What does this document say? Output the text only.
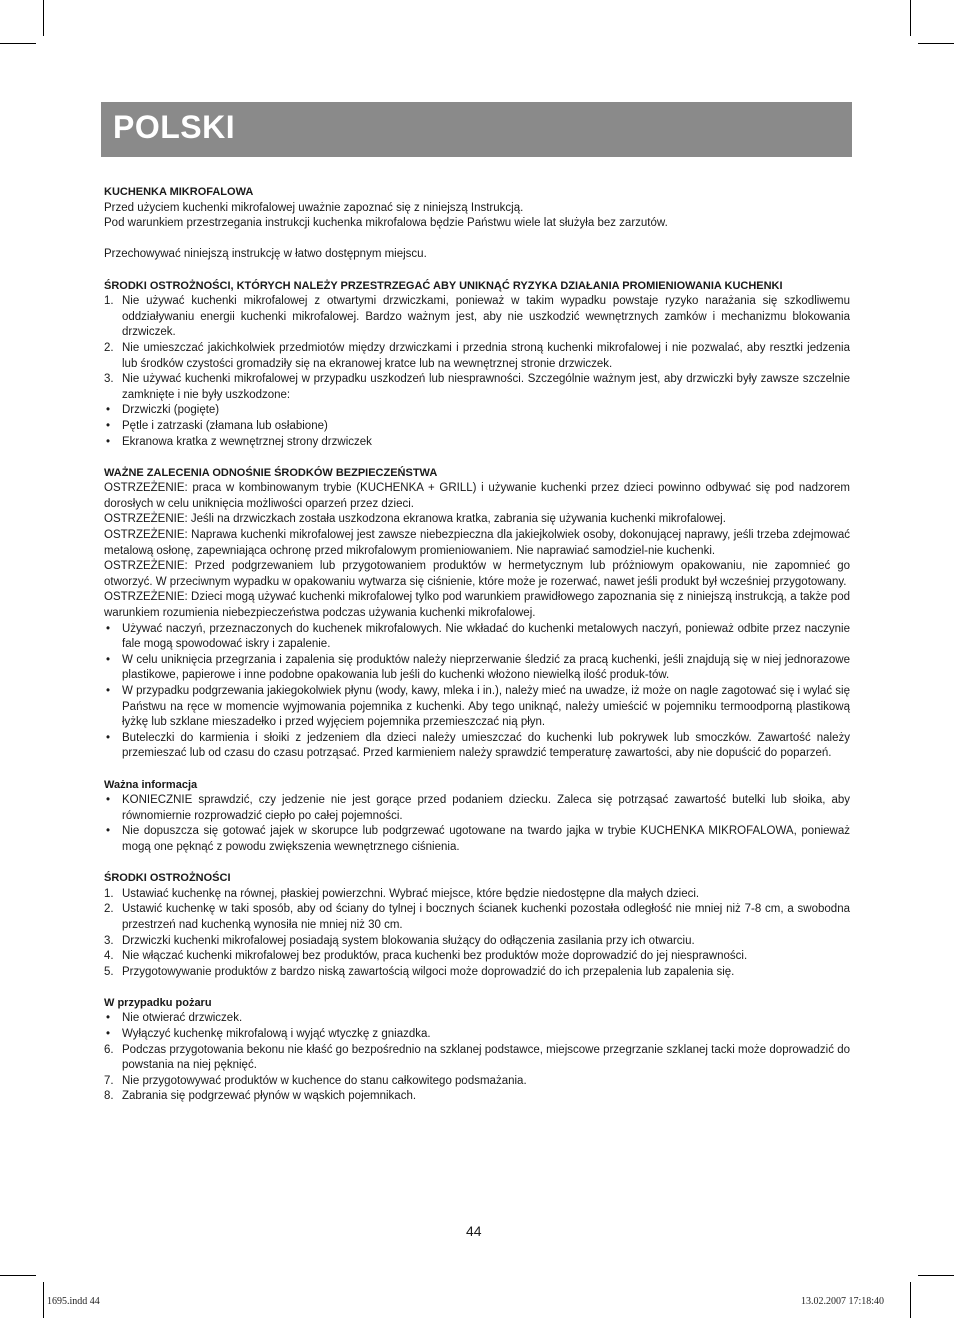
POLSKI

KUCHENKA MIKROFALOWA

Przed użyciem kuchenki mikrofalowej uważnie zapoznać się z niniejszą Instrukcją.

Pod warunkiem przestrzegania instrukcji kuchenka mikrofalowa będzie Państwu wiele lat służyła bez zarzutów.

Przechowywać niniejszą instrukcję w łatwo dostępnym miejscu.

ŚRODKI OSTROŻNOŚCI, KTÓRYCH NALEŻY PRZESTRZEGAĆ ABY UNIKNĄĆ RYZYKA DZIAŁANIA PROMIENIOWANIA KUCHENKI

1. Nie używać kuchenki mikrofalowej z otwartymi drzwiczkami, ponieważ w takim wypadku powstaje ryzyko narażania się szkodliwemu oddziaływaniu energii kuchenki mikrofalowej. Bardzo ważnym jest, aby nie uszkodzić wewnętrznych zamków i mechanizmu blokowania drzwiczek.
2. Nie umieszczać jakichkolwiek przedmiotów między drzwiczkami i przednia stroną kuchenki mikrofalowej i nie pozwalać, aby resztki jedzenia lub środków czystości gromadziły się na ekranowej kratce lub na wewnętrznej stronie drzwiczek.
3. Nie używać kuchenki mikrofalowej w przypadku uszkodzeń lub niesprawności. Szczególnie ważnym jest, aby drzwiczki były zawsze szczelnie zamknięte i nie były uszkodzone:
• Drzwiczki (pogięte)
• Pętle i zatrzaski (złamana lub osłabione)
• Ekranowa kratka z wewnętrznej strony drzwiczek

WAŻNE ZALECENIA ODNOŚNIE ŚRODKÓW BEZPIECZEŃSTWA

OSTRZEŻENIE: praca w kombinowanym trybie (KUCHENKA + GRILL) i używanie kuchenki przez dzieci powinno odbywać się pod nadzorem dorosłych w celu uniknięcia możliwości oparzeń przez dzieci.

OSTRZEŻENIE: Jeśli na drzwiczkach została uszkodzona ekranowa kratka, zabrania się używania kuchenki mikrofalowej.

OSTRZEŻENIE: Naprawa kuchenki mikrofalowej jest zawsze niebezpieczna dla jakiejkolwiek osoby, dokonującej naprawy, jeśli trzeba zdejmować metalową osłonę, zapewniająca ochronę przed mikrofalowym promieniowaniem. Nie naprawiać samodziel-nie kuchenki.

OSTRZEŻENIE: Przed podgrzewaniem lub przygotowaniem produktów w hermetycznym lub próżniowym opakowaniu, nie zapomnieć go otworzyć. W przeciwnym wypadku w opakowaniu wytwarza się ciśnienie, które może je rozerwać, nawet jeśli produkt był wcześniej przygotowany.

OSTRZEŻENIE: Dzieci mogą używać kuchenki mikrofalowej tylko pod warunkiem prawidłowego zapoznania się z niniejszą instrukcją, a także pod warunkiem rozumienia niebezpieczeństwa podczas używania kuchenki mikrofalowej.

• Używać naczyń, przeznaczonych do kuchenek mikrofalowych. Nie wkładać do kuchenki metalowych naczyń, ponieważ odbite przez naczynie fale mogą spowodować iskry i zapalenie.
• W celu uniknięcia przegrzania i zapalenia się produktów należy nieprzerwanie śledzić za pracą kuchenki, jeśli znajdują się w niej jednorazowe plastikowe, papierowe i inne podobne opakowania lub jeśli do kuchenki włożono niewielką ilość produk-tów.
• W przypadku podgrzewania jakiegokolwiek płynu (wody, kawy, mleka i in.), należy mieć na uwadze, iż może on nagle zagotować się i wylać się Państwu na ręce w momencie wyjmowania pojemnika z kuchenki. Aby tego uniknąć, należy umieścić w pojemniku termoodporną plastikową łyżkę lub szklane mieszadełko i przed wyjęciem pojemnika przemieszczać nią płyn.
• Buteleczki do karmienia i słoiki z jedzeniem dla dzieci należy umieszczać do kuchenki lub pokrywek lub smoczków. Zawartość należy przemieszać lub od czasu do czasu potrząsać. Przed karmieniem należy sprawdzić temperaturę zawartości, aby nie dopuścić do poparzeń.

Ważna informacja

• KONIECZNIE sprawdzić, czy jedzenie nie jest gorące przed podaniem dziecku. Zaleca się potrząsać zawartość butelki lub słoika, aby równomiernie rozprowadzić ciepło po całej pojemności.
• Nie dopuszcza się gotować jajek w skorupce lub podgrzewać ugotowane na twardo jajka w trybie KUCHENKA MIKROFALOWA, ponieważ mogą one pęknąć z powodu zwiększenia wewnętrznego ciśnienia.

ŚRODKI OSTROŻNOŚCI

1. Ustawiać kuchenkę na równej, płaskiej powierzchni. Wybrać miejsce, które będzie niedostępne dla małych dzieci.
2. Ustawić kuchenkę w taki sposób, aby od ściany do tylnej i bocznych ścianek kuchenki pozostała odległość nie mniej niż 7-8 cm, a swobodna przestrzeń nad kuchenką wynosiła nie mniej niż 30 cm.
3. Drzwiczki kuchenki mikrofalowej posiadają system blokowania służący do odłączenia zasilania przy ich otwarciu.
4. Nie włączać kuchenki mikrofalowej bez produktów, praca kuchenki bez produktów może doprowadzić do jej niesprawności.
5. Przygotowywanie produktów z bardzo niską zawartością wilgoci może doprowadzić do ich przepalenia lub zapalenia się.

W przypadku pożaru

• Nie otwierać drzwiczek.
• Wyłączyć kuchenkę mikrofalową i wyjąć wtyczkę z gniazdka.
6. Podczas przygotowania bekonu nie kłaść go bezpośrednio na szklanej podstawce, miejscowe przegrzanie szklanej tacki może doprowadzić do powstania na niej pęknięć.
7. Nie przygotowywać produktów w kuchence do stanu całkowitego podsmażania.
8. Zabrania się podgrzewać płynów w wąskich pojemnikach.
44
1695.indd 44	13.02.2007 17:18:40
